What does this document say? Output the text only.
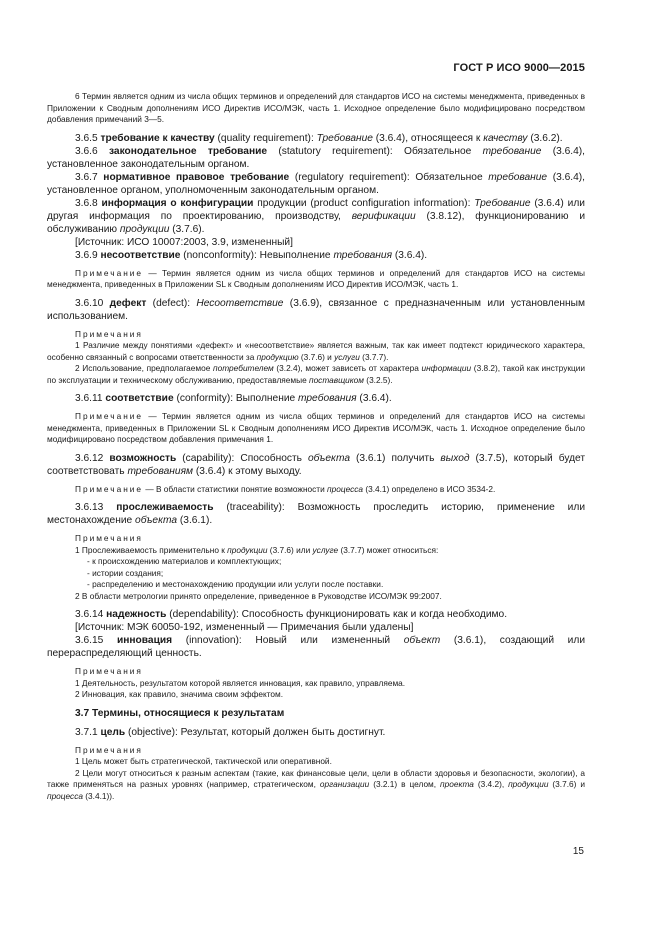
ГОСТ Р ИСО 9000—2015

6 Термин является одним из числа общих терминов и определений для стандартов ИСО на системы менеджмента, приведенных в Приложении к Сводным дополнениям ИСО Директив ИСО/МЭК, часть 1. Исходное определение было модифицировано посредством добавления примечаний 3—5.

3.6.5 требование к качеству (quality requirement): Требование (3.6.4), относящееся к качеству (3.6.2).

3.6.6 законодательное требование (statutory requirement): Обязательное требование (3.6.4), установленное законодательным органом.

3.6.7 нормативное правовое требование (regulatory requirement): Обязательное требование (3.6.4), установленное органом, уполномоченным законодательным органом.

3.6.8 информация о конфигурации продукции (product configuration information): Требование (3.6.4) или другая информация по проектированию, производству, верификации (3.8.12), функционированию и обслуживанию продукции (3.7.6).

[Источник: ИСО 10007:2003, 3.9, измененный]

3.6.9 несоответствие (nonconformity): Невыполнение требования (3.6.4).

Примечание — Термин является одним из числа общих терминов и определений для стандартов ИСО на системы менеджмента, приведенных в Приложении SL к Сводным дополнениям ИСО Директив ИСО/МЭК, часть 1.

3.6.10 дефект (defect): Несоответствие (3.6.9), связанное с предназначенным или установленным использованием.

Примечания

1 Различие между понятиями «дефект» и «несоответствие» является важным, так как имеет подтекст юридического характера, особенно связанный с вопросами ответственности за продукцию (3.7.6) и услуги (3.7.7).

2 Использование, предполагаемое потребителем (3.2.4), может зависеть от характера информации (3.8.2), такой как инструкции по эксплуатации и техническому обслуживанию, предоставляемые поставщиком (3.2.5).

3.6.11 соответствие (conformity): Выполнение требования (3.6.4).

Примечание — Термин является одним из числа общих терминов и определений для стандартов ИСО на системы менеджмента, приведенных в Приложении SL к Сводным дополнениям ИСО Директив ИСО/МЭК, часть 1. Исходное определение было модифицировано посредством добавления примечания 1.

3.6.12 возможность (capability): Способность объекта (3.6.1) получить выход (3.7.5), который будет соответствовать требованиям (3.6.4) к этому выходу.

Примечание — В области статистики понятие возможности процесса (3.4.1) определено в ИСО 3534-2.

3.6.13 прослеживаемость (traceability): Возможность проследить историю, применение или местонахождение объекта (3.6.1).

Примечания

1 Прослеживаемость применительно к продукции (3.7.6) или услуге (3.7.7) может относиться:

- к происхождению материалов и комплектующих;

- истории создания;

- распределению и местонахождению продукции или услуги после поставки.

2 В области метрологии принято определение, приведенное в Руководстве ИСО/МЭК 99:2007.

3.6.14 надежность (dependability): Способность функционировать как и когда необходимо.

[Источник: МЭК 60050-192, измененный — Примечания были удалены]

3.6.15 инновация (innovation): Новый или измененный объект (3.6.1), создающий или перераспределяющий ценность.

Примечания

1 Деятельность, результатом которой является инновация, как правило, управляема.

2 Инновация, как правило, значима своим эффектом.

3.7 Термины, относящиеся к результатам

3.7.1 цель (objective): Результат, который должен быть достигнут.

Примечания

1 Цель может быть стратегической, тактической или оперативной.

2 Цели могут относиться к разным аспектам (такие, как финансовые цели, цели в области здоровья и безопасности, экологии), а также применяться на разных уровнях (например, стратегическом, организации (3.2.1) в целом, проекта (3.4.2), продукции (3.7.6) и процесса (3.4.1)).

15
